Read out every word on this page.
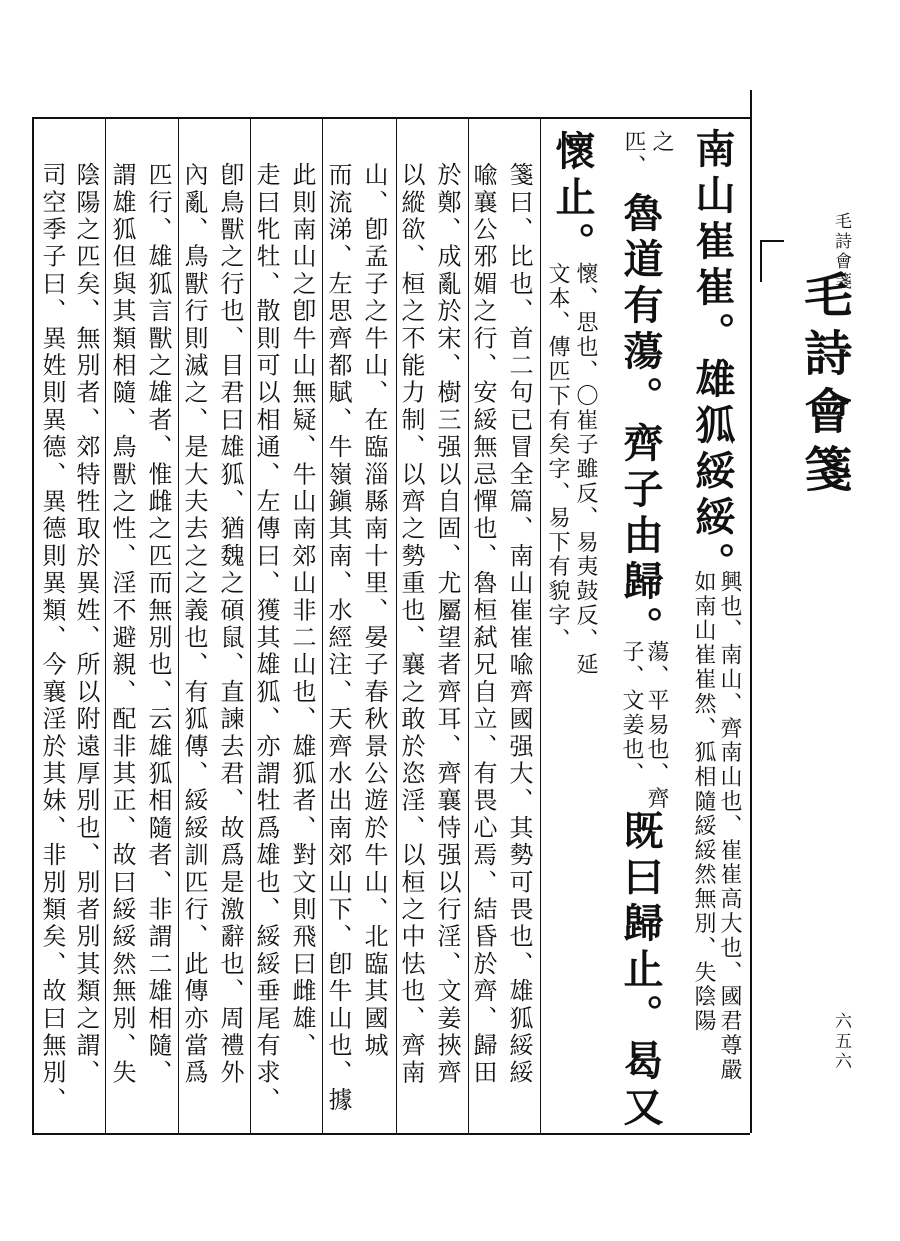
毛詩會箋
毛詩會箋
六五六
南山崔崔。雄狐綏綏。
興也、南山、齊南山也、崔崔高大也、國君尊嚴
如南山崔崔然、狐相隨綏綏然無別、失陰陽
之
匹、
魯道有蕩。齊子由歸。
蕩、平易也、齊
子、文姜也、
既曰歸止。曷又
懷止。
懷、思也、〇崔子雖反、易夷鼓反、延
文本、傳匹下有矣字、易下有貌字、
箋曰、比也、首二句已冒全篇、南山崔崔喩齊國强大、其勢可畏也、雄狐綏綏
喩襄公邪媚之行、安綏無忌憚也、魯桓弑兄自立、有畏心焉、結昏於齊、歸田
於鄭、成亂於宋、樹三强以自固、尤屬望者齊耳、齊襄恃强以行淫、文姜挾齊
以縱欲、桓之不能力制、以齊之勢重也、襄之敢於恣淫、以桓之中怯也、齊南
山、卽孟子之牛山、在臨淄縣南十里、晏子春秋景公遊於牛山、北臨其國城
而流涕、左思齊都賦、牛嶺鎭其南、水經注、天齊水出南郊山下、卽牛山也、據
此則南山之卽牛山無疑、牛山南郊山非二山也、雄狐者、對文則飛曰雌雄、
走曰牝牡、散則可以相通、左傳曰、獲其雄狐、亦謂牡爲雄也、綏綏垂尾有求、
卽鳥獸之行也、目君曰雄狐、猶魏之碩鼠、直諫去君、故爲是激辭也、周禮外
內亂、鳥獸行則滅之、是大夫去之之義也、有狐傳、綏綏訓匹行、此傳亦當爲
匹行、雄狐言獸之雄者、惟雌之匹而無別也、云雄狐相隨者、非謂二雄相隨、
謂雄狐但與其類相隨、鳥獸之性、淫不避親、配非其正、故曰綏綏然無別、失
陰陽之匹矣、無別者、郊特牲取於異姓、所以附遠厚別也、別者別其類之謂、
司空季子曰、異姓則異德、異德則異類、今襄淫於其妹、非別類矣、故曰無別、
